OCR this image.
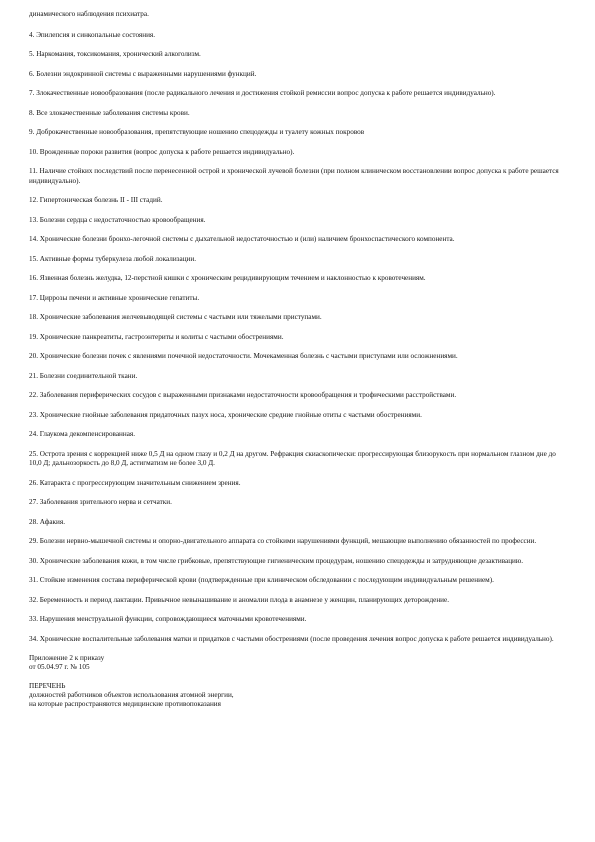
динамического наблюдения психиатра.

4. Эпилепсия и синкопальные состояния.

5. Наркомания, токсикомания, хронический алкоголизм.

6. Болезни эндокринной системы с выраженными нарушениями функций.

7. Злокачественные новообразования (после радикального лечения и достижения стойкой ремиссии вопрос допуска к работе решается индивидуально).

8. Все злокачественные заболевания системы крови.

9. Доброкачественные новообразования, препятствующие ношению спецодежды и туалету кожных покровов

10. Врожденные пороки развития (вопрос допуска к работе решается индивидуально).

11. Наличие стойких последствий после перенесенной острой и хронической лучевой болезни (при полном клиническом восстановлении вопрос допуска к работе решается индивидуально).

12. Гипертоническая болезнь II - III стадий.

13. Болезни сердца с недостаточностью кровообращения.

14. Хронические болезни бронхо-легочной системы с дыхательной недостаточностью и (или) наличием бронхоспастического компонента.

15. Активные формы туберкулеза любой локализации.

16. Язвенная болезнь желудка, 12-перстной кишки с хроническим рецидивирующим течением и наклонностью к кровотечениям.

17. Циррозы печени и активные хронические гепатиты.

18. Хронические заболевания желчевыводящей системы с частыми или тяжелыми приступами.

19. Хронические панкреатиты, гастроэнтериты и колиты с частыми обострениями.

20. Хронические болезни почек с явлениями почечной недостаточности. Мочекаменная болезнь с частыми приступами или осложнениями.

21. Болезни соединительной ткани.

22. Заболевания периферических сосудов с выраженными признаками недостаточности кровообращения и трофическими расстройствами.

23. Хронические гнойные заболевания придаточных пазух носа, хронические средние гнойные отиты с частыми обострениями.

24. Глаукома декомпенсированная.

25. Острота зрения с коррекцией ниже 0,5 Д на одном глазу и 0,2 Д на другом. Рефракция скиаскопически: прогрессирующая близорукость при нормальном глазном дне до 10,0 Д; дальнозоркость до 8,0 Д, астигматизм не более 3,0 Д.

26. Катаракта с прогрессирующим значительным снижением зрения.

27. Заболевания зрительного нерва и сетчатки.

28. Афакия.

29. Болезни нервно-мышечной системы и опорно-двигательного аппарата со стойкими нарушениями функций, мешающие выполнению обязанностей по профессии.

30. Хронические заболевания кожи, в том числе грибковые, препятствующие гигиеническим процедурам, ношению спецодежды и затрудняющие дезактивацию.

31. Стойкие изменения состава периферической крови (подтвержденные при клиническом обследовании с последующим индивидуальным решением).

32. Беременность и период лактации. Привычное невынашивание и аномалии плода в анамнезе у женщин, планирующих деторождение.

33. Нарушения менструальной функции, сопровождающиеся маточными кровотечениями.

34. Хронические воспалительные заболевания матки и придатков с частыми обострениями (после проведения лечения вопрос допуска к работе решается индивидуально).

Приложение 2 к приказу
от 05.04.97 г. № 105
ПЕРЕЧЕНЬ
должностей работников объектов использования атомной энергии,
на которые распространяются медицинские противопоказания
